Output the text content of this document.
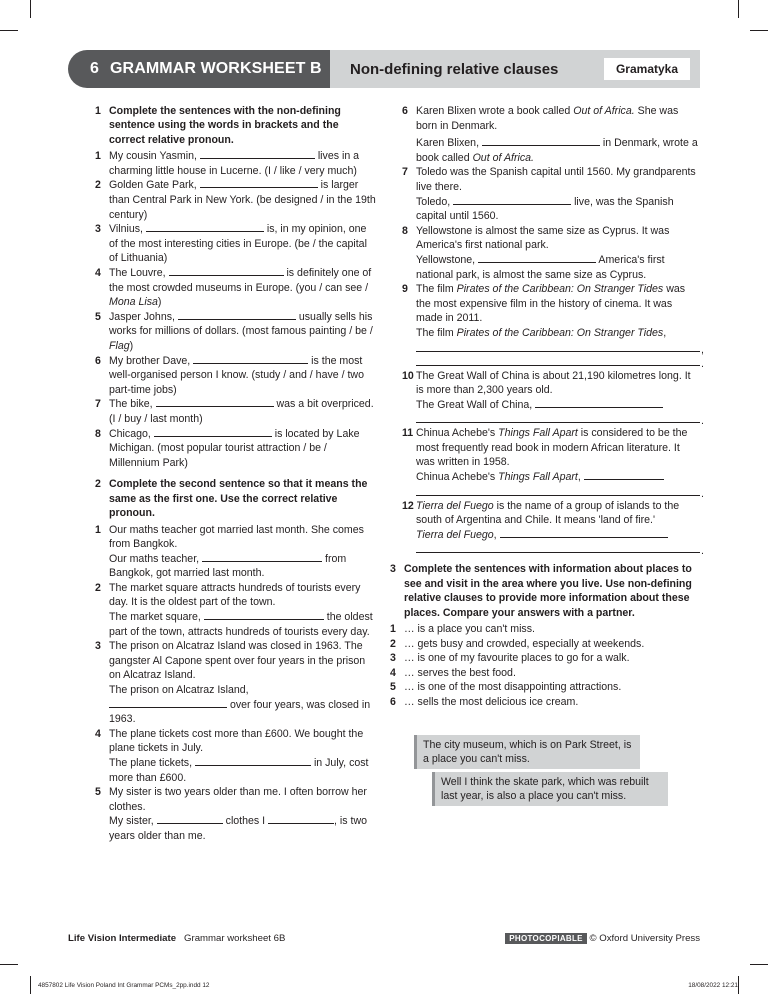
6 GRAMMAR WORKSHEET B Non-defining relative clauses	Gramatyka
1 Complete the sentences with the non-defining sentence using the words in brackets and the correct relative pronoun.
1 My cousin Yasmin,	lives in a charming little house in Lucerne. (I / like / very much)
2 Golden Gate Park,	is larger than Central Park in New York. (be designed / in the 19th century)
3 Vilnius,	is, in my opinion, one of the most interesting cities in Europe. (be / the capital of Lithuania)
4 The Louvre,	is definitely one of the most crowded museums in Europe. (you / can see / Mona Lisa)
5 Jasper Johns,	usually sells his works for millions of dollars. (most famous painting / be / Flag)
6 My brother Dave,	is the most well-organised person I know. (study / and / have / two part-time jobs)
7 The bike,	was a bit overpriced. (I / buy / last month)
8 Chicago,	is located by Lake Michigan. (most popular tourist attraction / be / Millennium Park)
2 Complete the second sentence so that it means the same as the first one. Use the correct relative pronoun.
1 Our maths teacher got married last month. She comes from Bangkok.
Our maths teacher,	from Bangkok, got married last month.
2 The market square attracts hundreds of tourists every day. It is the oldest part of the town.
The market square,	the oldest part of the town, attracts hundreds of tourists every day.
3 The prison on Alcatraz Island was closed in 1963. The gangster Al Capone spent over four years in the prison on Alcatraz Island.
The prison on Alcatraz Island,
over four years, was closed in 1963.
4 The plane tickets cost more than £600. We bought the plane tickets in July.
The plane tickets,	in July, cost more than £600.
5 My sister is two years older than me. I often borrow her clothes.
My sister,	clothes I	, is two years older than me.
6 Karen Blixen wrote a book called Out of Africa. She was born in Denmark.
Karen Blixen,	in Denmark, wrote a book called Out of Africa.
7 Toledo was the Spanish capital until 1560. My grandparents live there.
Toledo,	live, was the Spanish capital until 1560.
8 Yellowstone is almost the same size as Cyprus. It was America's first national park.
Yellowstone,	America's first national park, is almost the same size as Cyprus.
9 The film Pirates of the Caribbean: On Stranger Tides was the most expensive film in the history of cinema. It was made in 2011.
The film Pirates of the Caribbean: On Stranger Tides,
,
.
10 The Great Wall of China is about 21,190 kilometres long. It is more than 2,300 years old.
The Great Wall of China,
.
11 Chinua Achebe's Things Fall Apart is considered to be the most frequently read book in modern African literature. It was written in 1958.
Chinua Achebe's Things Fall Apart,
.
12 Tierra del Fuego is the name of a group of islands to the south of Argentina and Chile. It means 'land of fire.'
Tierra del Fuego,
.
3 Complete the sentences with information about places to see and visit in the area where you live. Use non-defining relative clauses to provide more information about these places. Compare your answers with a partner.
1 … is a place you can't miss.
2 … gets busy and crowded, especially at weekends.
3 … is one of my favourite places to go for a walk.
4 … serves the best food.
5 … is one of the most disappointing attractions.
6 … sells the most delicious ice cream.
The city museum, which is on Park Street, is a place you can't miss.
Well I think the skate park, which was rebuilt last year, is also a place you can't miss.
Life Vision Intermediate Grammar worksheet 6B	PHOTOCOPIABLE © Oxford University Press
4857802 Life Vision Poland Int Grammar PCMs_2pp.indd 12	18/08/2022 12:21
